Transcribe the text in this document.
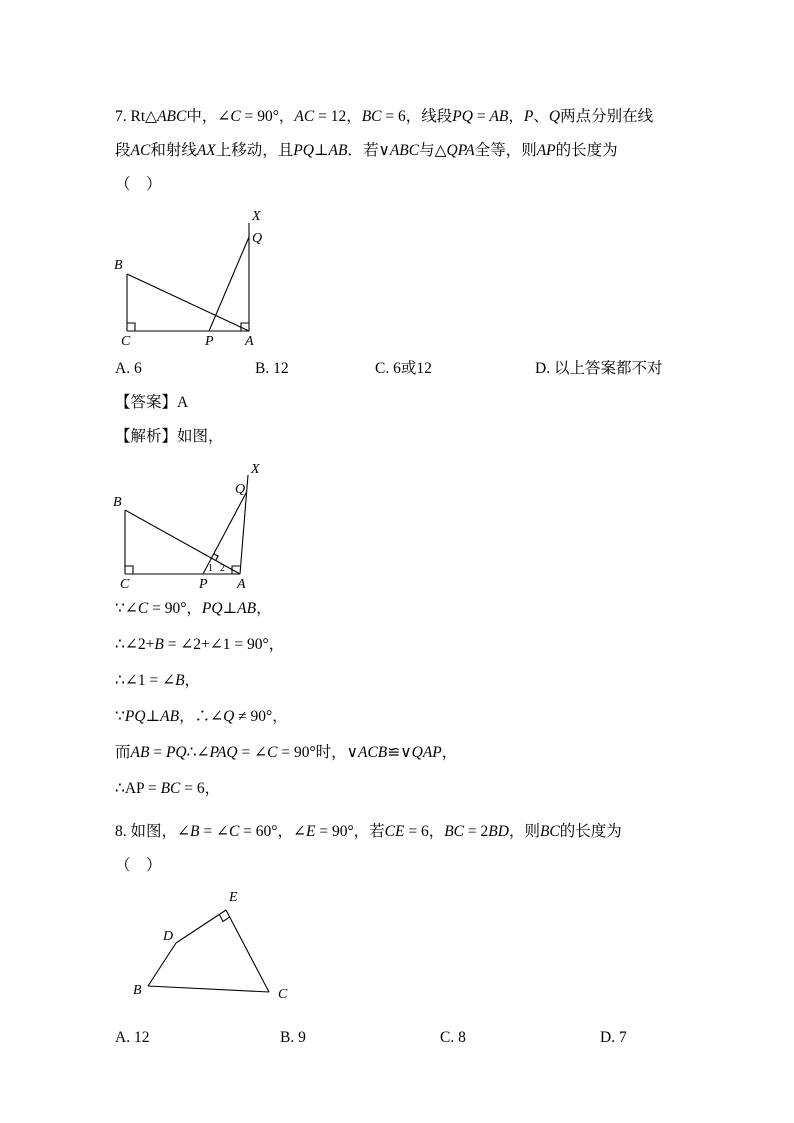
7. Rt△ABC中，∠C = 90°，AC = 12，BC = 6，线段PQ = AB，P、Q两点分别在线
段AC和射线AX上移动，且PQ⊥AB．若∨ABC与△QPA全等，则AP的长度为
（　）
X
Q
B
C	P A
A. 6	B. 12	C. 6或12	D. 以上答案都不对
【答案】A
【解析】如图，
X
Q
B
C	P A
1 2
∵∠C = 90°，PQ⊥AB，
∴∠2+B = ∠2+∠1 = 90°，
∴∠1 = ∠B，
∵PQ⊥AB，∴∠Q ≠ 90°，
而AB = PQ∴∠PAQ = ∠C = 90°时，∨ACB≌∨QAP，
∴AP = BC = 6，
8. 如图，∠B = ∠C = 60°，∠E = 90°，若CE = 6，BC = 2BD，则BC的长度为
（　）
E
D
B	C
A. 12	B. 9	C. 8	D. 7
